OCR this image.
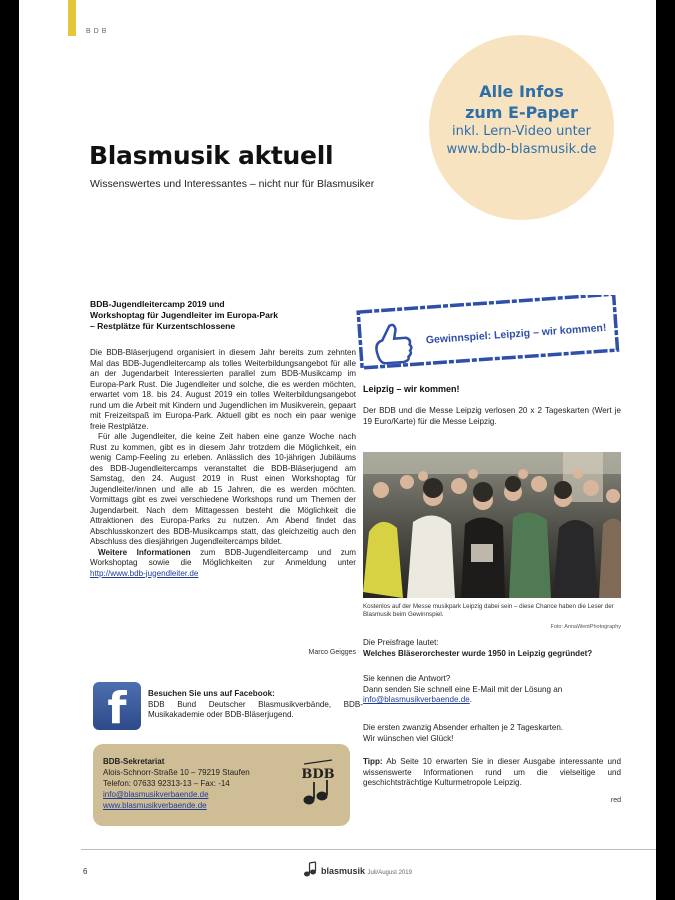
BDB
Blasmusik aktuell
Wissenswertes und Interessantes – nicht nur für Blasmusiker
Alle Infos
zum E-Paper
inkl. Lern-Video unter
www.bdb-blasmusik.de
BDB-Jugendleitercamp 2019 und
Workshoptag für Jugendleiter im Europa-Park
– Restplätze für Kurzentschlossene

Die BDB-Bläserjugend organisiert in diesem Jahr bereits zum zehnten Mal das BDB-Jugendleitercamp als tolles Weiterbildungsangebot für alle an der Jugendarbeit Interessierten parallel zum BDB-Musikcamp im Europa-Park Rust. Die Jugendleiter und solche, die es werden möchten, erwartet vom 18. bis 24. August 2019 ein tolles Weiterbildungsangebot rund um die Arbeit mit Kindern und Jugendlichen im Musikverein, gepaart mit Freizeitspaß im Europa-Park. Aktuell gibt es noch ein paar wenige freie Restplätze.

Für alle Jugendleiter, die keine Zeit haben eine ganze Woche nach Rust zu kommen, gibt es in diesem Jahr trotzdem die Möglichkeit, ein wenig Camp-Feeling zu erleben. Anlässlich des 10-jährigen Jubiläums des BDB-Jugendleitercamps veranstaltet die BDB-Bläserjugend am Samstag, den 24. August 2019 in Rust einen Workshoptag für Jugendleiter/innen und alle ab 15 Jahren, die es werden möchten. Vormittags gibt es zwei verschiedene Workshops rund um Themen der Jugendarbeit. Nach dem Mittagessen besteht die Möglichkeit die Attraktionen des Europa-Parks zu nutzen. Am Abend findet das Abschlusskonzert des BDB-Musikcamps statt, das gleichzeitig auch den Abschluss des diesjährigen Jugendleitercamps bildet.

Weitere Informationen zum BDB-Jugendleitercamp und zum Workshoptag sowie die Möglichkeiten zur Anmeldung unter http://www.bdb-jugendleiter.de

Marco Geigges
f	Besuchen Sie uns auf Facebook:
BDB Bund Deutscher Blasmusikverbände, BDB-Musikakademie oder BDB-Bläserjugend.
BDB-Sekretariat
Alois-Schnorr-Straße 10 – 79219 Staufen
Telefon: 07633 92313-13 – Fax: -14
info@blasmusikverbaende.de
www.blasmusikverbaende.de
BDB
Gewinnspiel: Leipzig – wir kommen!
Leipzig – wir kommen!
Der BDB und die Messe Leipzig verlosen 20 x 2 Tageskarten (Wert je 19 Euro/Karte) für die Messe Leipzig.
Kostenlos auf der Messe musikpark Leipzig dabei sein – diese Chance haben die Leser der Blasmusik beim Gewinnspiel.
Foto: AnnaWentPhotography
Die Preisfrage lautet:
Welches Bläserorchester wurde 1950 in Leipzig gegründet?
Sie kennen die Antwort?
Dann senden Sie schnell eine E-Mail mit der Lösung an
info@blasmusikverbaende.de.
Die ersten zwanzig Absender erhalten je 2 Tageskarten.
Wir wünschen viel Glück!
Tipp: Ab Seite 10 erwarten Sie in dieser Ausgabe interessante und wissenswerte Informationen rund um die vielseitige und geschichtsträchtige Kulturmetropole Leipzig.
red
6	blasmusik Juli/August 2019
